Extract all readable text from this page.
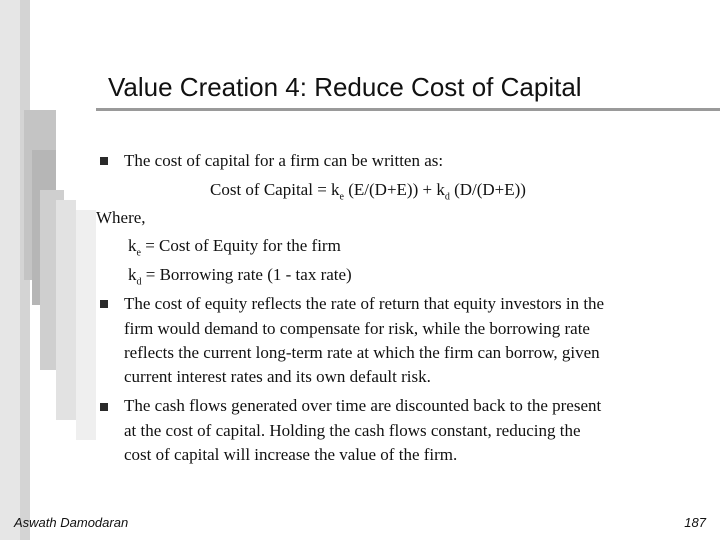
Value Creation 4: Reduce Cost of Capital
The cost of capital for a firm can be written as:
Cost of Capital = $k_e$ $(E/(D+E)) + k_d$ (D/(D+E))
Where,
$k_e$ = Cost of Equity for the firm
$k_d$ = Borrowing rate (1 - tax rate)
The cost of equity reflects the rate of return that equity investors in the
firm would demand to compensate for risk, while the borrowing rate
reflects the current long-term rate at which the firm can borrow, given
current interest rates and its own default risk.
The cash flows generated over time are discounted back to the present
at the cost of capital. Holding the cash flows constant, reducing the
cost of capital will increase the value of the firm.
Aswath Damodaran	187
